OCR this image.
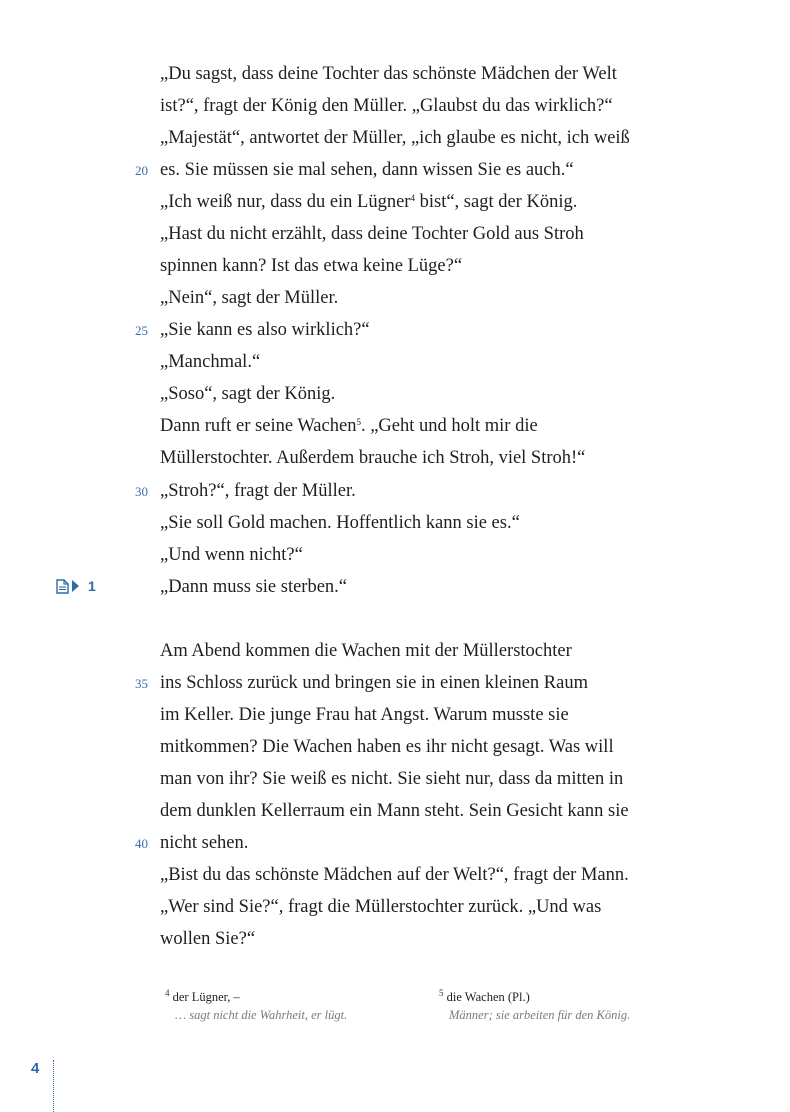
„Du sagst, dass deine Tochter das schönste Mädchen der Welt
ist?“, fragt der König den Müller. „Glaubst du das wirklich?“
„Majestät“, antwortet der Müller, „ich glaube es nicht, ich weiß
es. Sie müssen sie mal sehen, dann wissen Sie es auch.“
„Ich weiß nur, dass du ein Lügner$^4$ bist“, sagt der König.
„Hast du nicht erzählt, dass deine Tochter Gold aus Stroh
spinnen kann? Ist das etwa keine Lüge?“
„Nein“, sagt der Müller.
„Sie kann es also wirklich?“
„Manchmal.“
„Soso“, sagt der König.
Dann ruft er seine Wachen$^5$. „Geht und holt mir die
Müllerstochter. Außerdem brauche ich Stroh, viel Stroh!“
„Stroh?“, fragt der Müller.
„Sie soll Gold machen. Hoffentlich kann sie es.“
„Und wenn nicht?“
„Dann muss sie sterben.“
Am Abend kommen die Wachen mit der Müllerstochter
ins Schloss zurück und bringen sie in einen kleinen Raum
im Keller. Die junge Frau hat Angst. Warum musste sie
mitkommen? Die Wachen haben es ihr nicht gesagt. Was will
man von ihr? Sie weiß es nicht. Sie sieht nur, dass da mitten in
dem dunklen Kellerraum ein Mann steht. Sein Gesicht kann sie
nicht sehen.
„Bist du das schönste Mädchen auf der Welt?“, fragt der Mann.
„Wer sind Sie?“, fragt die Müllerstochter zurück. „Und was
wollen Sie?“
20
25
30
35
40
1
$^4$ der Lügner, –
… sagt nicht die Wahrheit, er lügt.
$^5$ die Wachen (Pl.)
Männer; sie arbeiten für den König.
4
